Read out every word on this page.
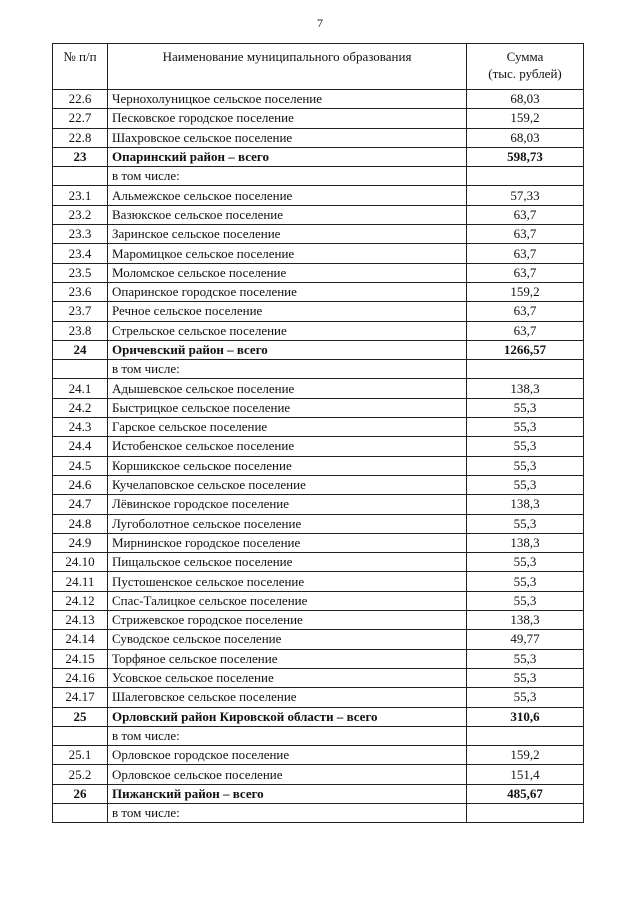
7
№ п/п	Наименование муниципального образования	Сумма
(тыс. рублей)

22.6	Чернохолуницкое сельское поселение	68,03
22.7	Песковское городское поселение	159,2
22.8	Шахровское сельское поселение	68,03
23	Опаринский район – всего	598,73
	в том числе:	
23.1	Альмежское сельское поселение	57,33
23.2	Вазюкское сельское поселение	63,7
23.3	Заринское сельское поселение	63,7
23.4	Маромицкое сельское поселение	63,7
23.5	Моломское сельское поселение	63,7
23.6	Опаринское городское поселение	159,2
23.7	Речное сельское поселение	63,7
23.8	Стрельское сельское поселение	63,7
24	Оричевский район – всего	1266,57
	в том числе:	
24.1	Адышевское сельское поселение	138,3
24.2	Быстрицкое сельское поселение	55,3
24.3	Гарское сельское поселение	55,3
24.4	Истобенское сельское поселение	55,3
24.5	Коршикское сельское поселение	55,3
24.6	Кучелаповское сельское поселение	55,3
24.7	Лёвинское городское поселение	138,3
24.8	Лугоболотное сельское поселение	55,3
24.9	Мирнинское городское поселение	138,3
24.10	Пищальское сельское поселение	55,3
24.11	Пустошенское сельское поселение	55,3
24.12	Спас-Талицкое сельское поселение	55,3
24.13	Стрижевское городское поселение	138,3
24.14	Суводское сельское поселение	49,77
24.15	Торфяное сельское поселение	55,3
24.16	Усовское сельское поселение	55,3
24.17	Шалеговское сельское поселение	55,3
25	Орловский район Кировской области – всего	310,6
	в том числе:	
25.1	Орловское городское поселение	159,2
25.2	Орловское сельское поселение	151,4
26	Пижанский район – всего	485,67
	в том числе:	
